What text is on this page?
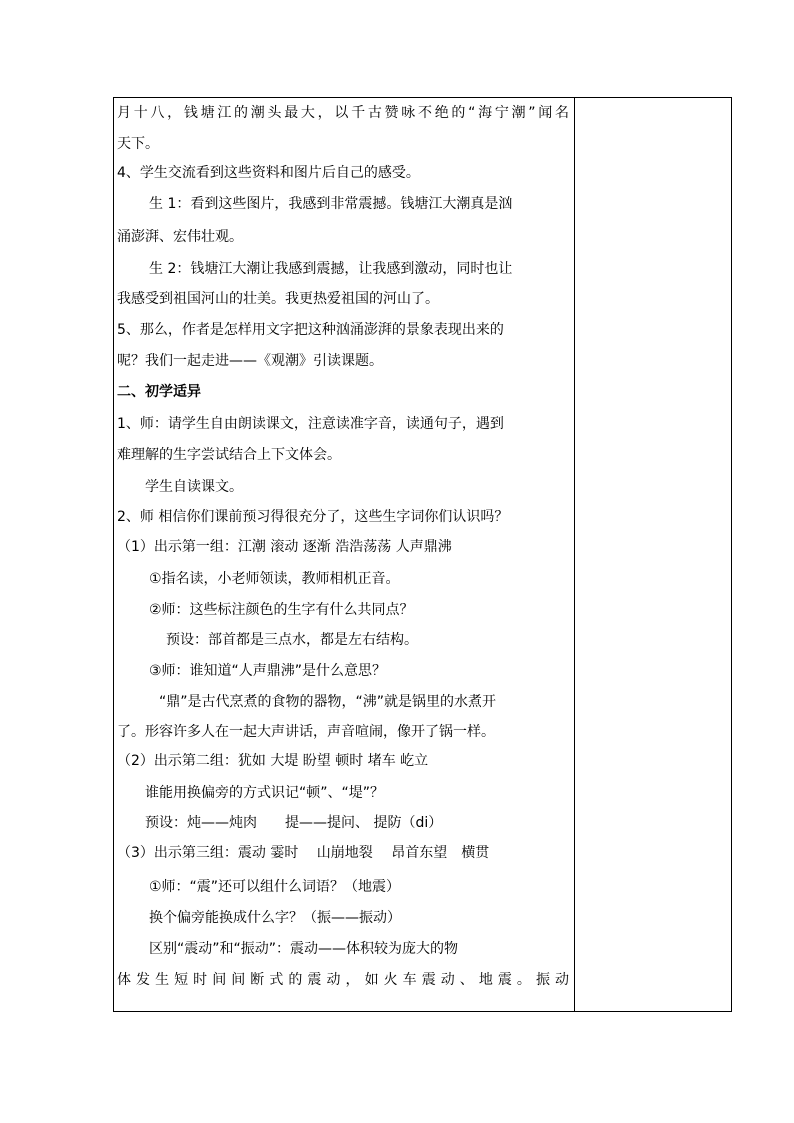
月十八，钱塘江的潮头最大，以千古赞咏不绝的“海宁潮”闻名
天下。
4、学生交流看到这些资料和图片后自己的感受。
生 1：看到这些图片，我感到非常震撼。钱塘江大潮真是汹
涌澎湃、宏伟壮观。
生 2：钱塘江大潮让我感到震撼，让我感到激动，同时也让
我感受到祖国河山的壮美。我更热爱祖国的河山了。
5、那么，作者是怎样用文字把这种汹涌澎湃的景象表现出来的
呢？我们一起走进——《观潮》引读课题。
二、初学适异
1、师：请学生自由朗读课文，注意读准字音，读通句子，遇到
难理解的生字尝试结合上下文体会。
学生自读课文。
2、师 相信你们课前预习得很充分了，这些生字词你们认识吗？
（1）出示第一组：江潮 滚动 逐渐 浩浩荡荡 人声鼎沸
①指名读，小老师领读，教师相机正音。
②师：这些标注颜色的生字有什么共同点？
预设：部首都是三点水，都是左右结构。
③师：谁知道“人声鼎沸”是什么意思？
“鼎”是古代烹煮的食物的器物，“沸”就是锅里的水煮开
了。形容许多人在一起大声讲话，声音喧闹，像开了锅一样。
（2）出示第二组：犹如 大堤 盼望 顿时 堵车 屹立
谁能用换偏旁的方式识记“顿”、“堤”？
预设：炖——炖肉　　提——提问、 提防（di）
（3）出示第三组：震动 霎时　 山崩地裂　 昂首东望　横贯
①师：“震”还可以组什么词语？（地震）
换个偏旁能换成什么字？（振——振动）
区别“震动”和“振动”：震动——体积较为庞大的物
体发生短时间间断式的震动，如火车震动、地震。振动
